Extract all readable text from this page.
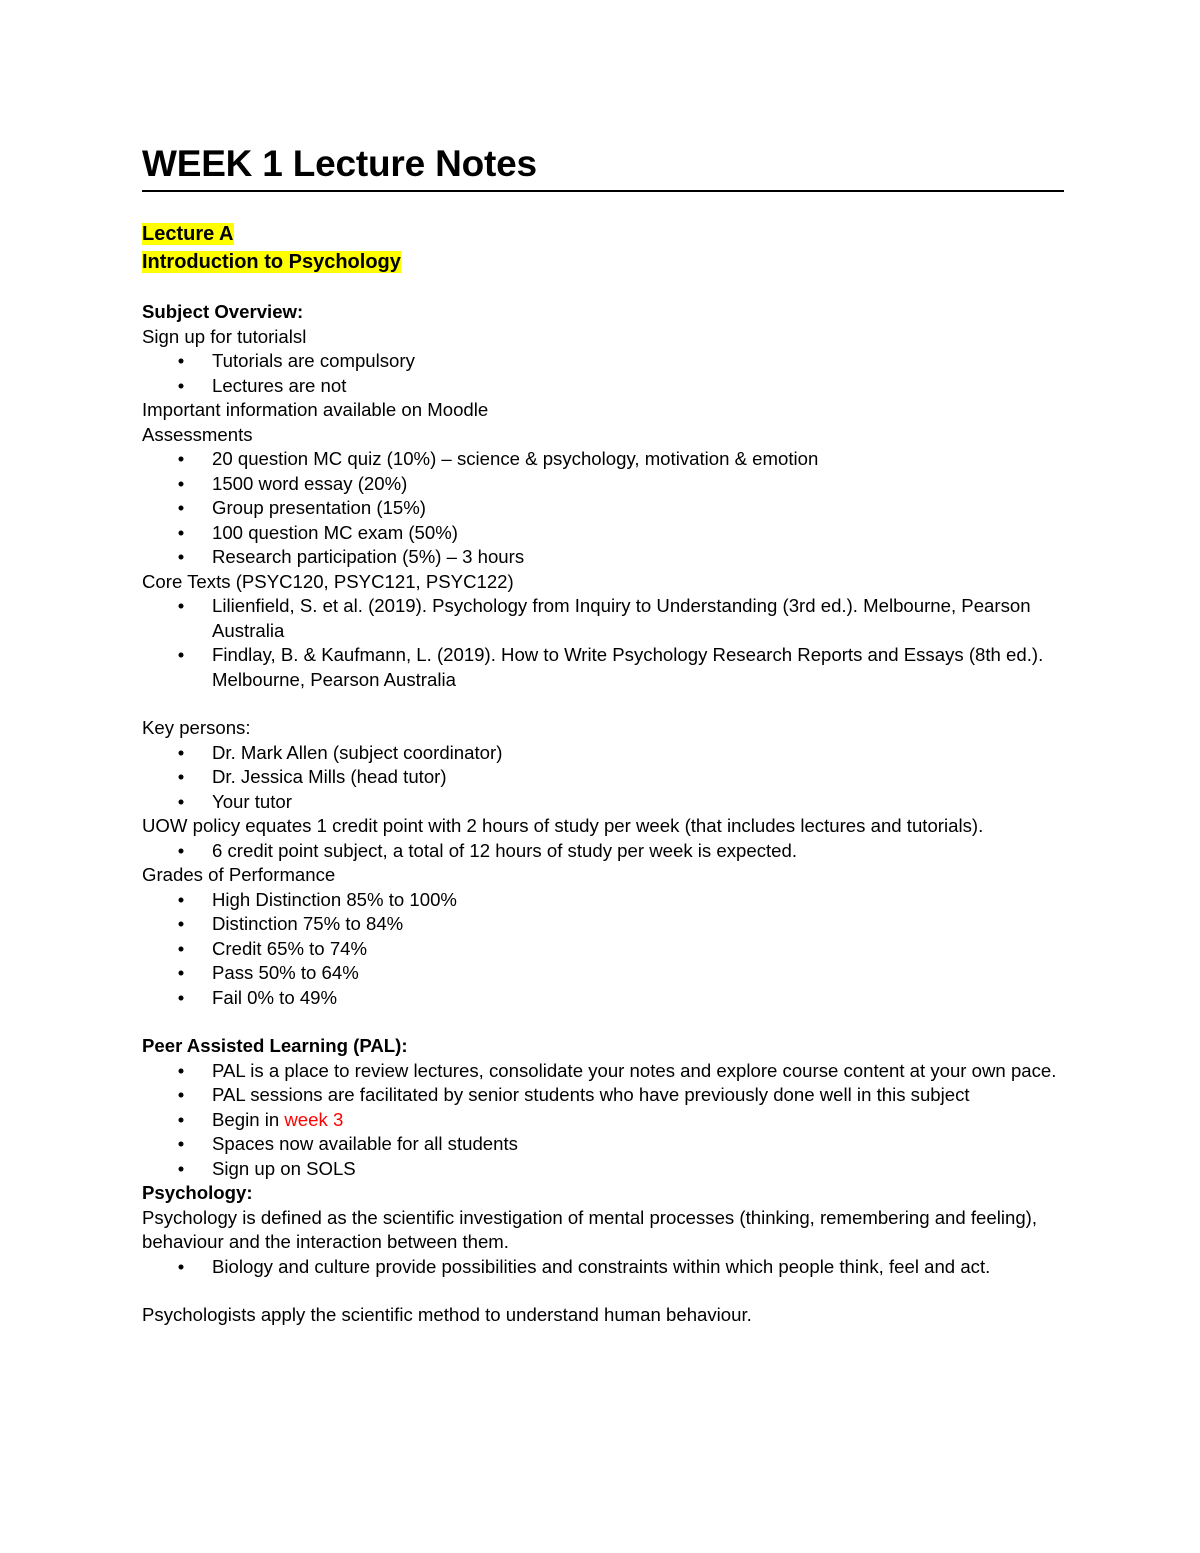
WEEK 1 Lecture Notes
Lecture A
Introduction to Psychology

Subject Overview:

Sign up for tutorialsl

• Tutorials are compulsory
• Lectures are not

Important information available on Moodle

Assessments

• 20 question MC quiz (10%) – science & psychology, motivation & emotion
• 1500 word essay (20%)
• Group presentation (15%)
• 100 question MC exam (50%)
• Research participation (5%) – 3 hours

Core Texts (PSYC120, PSYC121, PSYC122)

• Lilienfield, S. et al. (2019). Psychology from Inquiry to Understanding (3rd ed.). Melbourne, Pearson Australia
• Findlay, B. & Kaufmann, L. (2019). How to Write Psychology Research Reports and Essays (8th ed.). Melbourne, Pearson Australia

Key persons:

• Dr. Mark Allen (subject coordinator)
• Dr. Jessica Mills (head tutor)
• Your tutor

UOW policy equates 1 credit point with 2 hours of study per week (that includes lectures and tutorials).

• 6 credit point subject, a total of 12 hours of study per week is expected.

Grades of Performance

• High Distinction 85% to 100%
• Distinction 75% to 84%
• Credit 65% to 74%
• Pass 50% to 64%
• Fail 0% to 49%

Peer Assisted Learning (PAL):

• PAL is a place to review lectures, consolidate your notes and explore course content at your own pace.
• PAL sessions are facilitated by senior students who have previously done well in this subject
• Begin in week 3
• Spaces now available for all students
• Sign up on SOLS

Psychology:

Psychology is defined as the scientific investigation of mental processes (thinking, remembering and feeling), behaviour and the interaction between them.

• Biology and culture provide possibilities and constraints within which people think, feel and act.

Psychologists apply the scientific method to understand human behaviour.
